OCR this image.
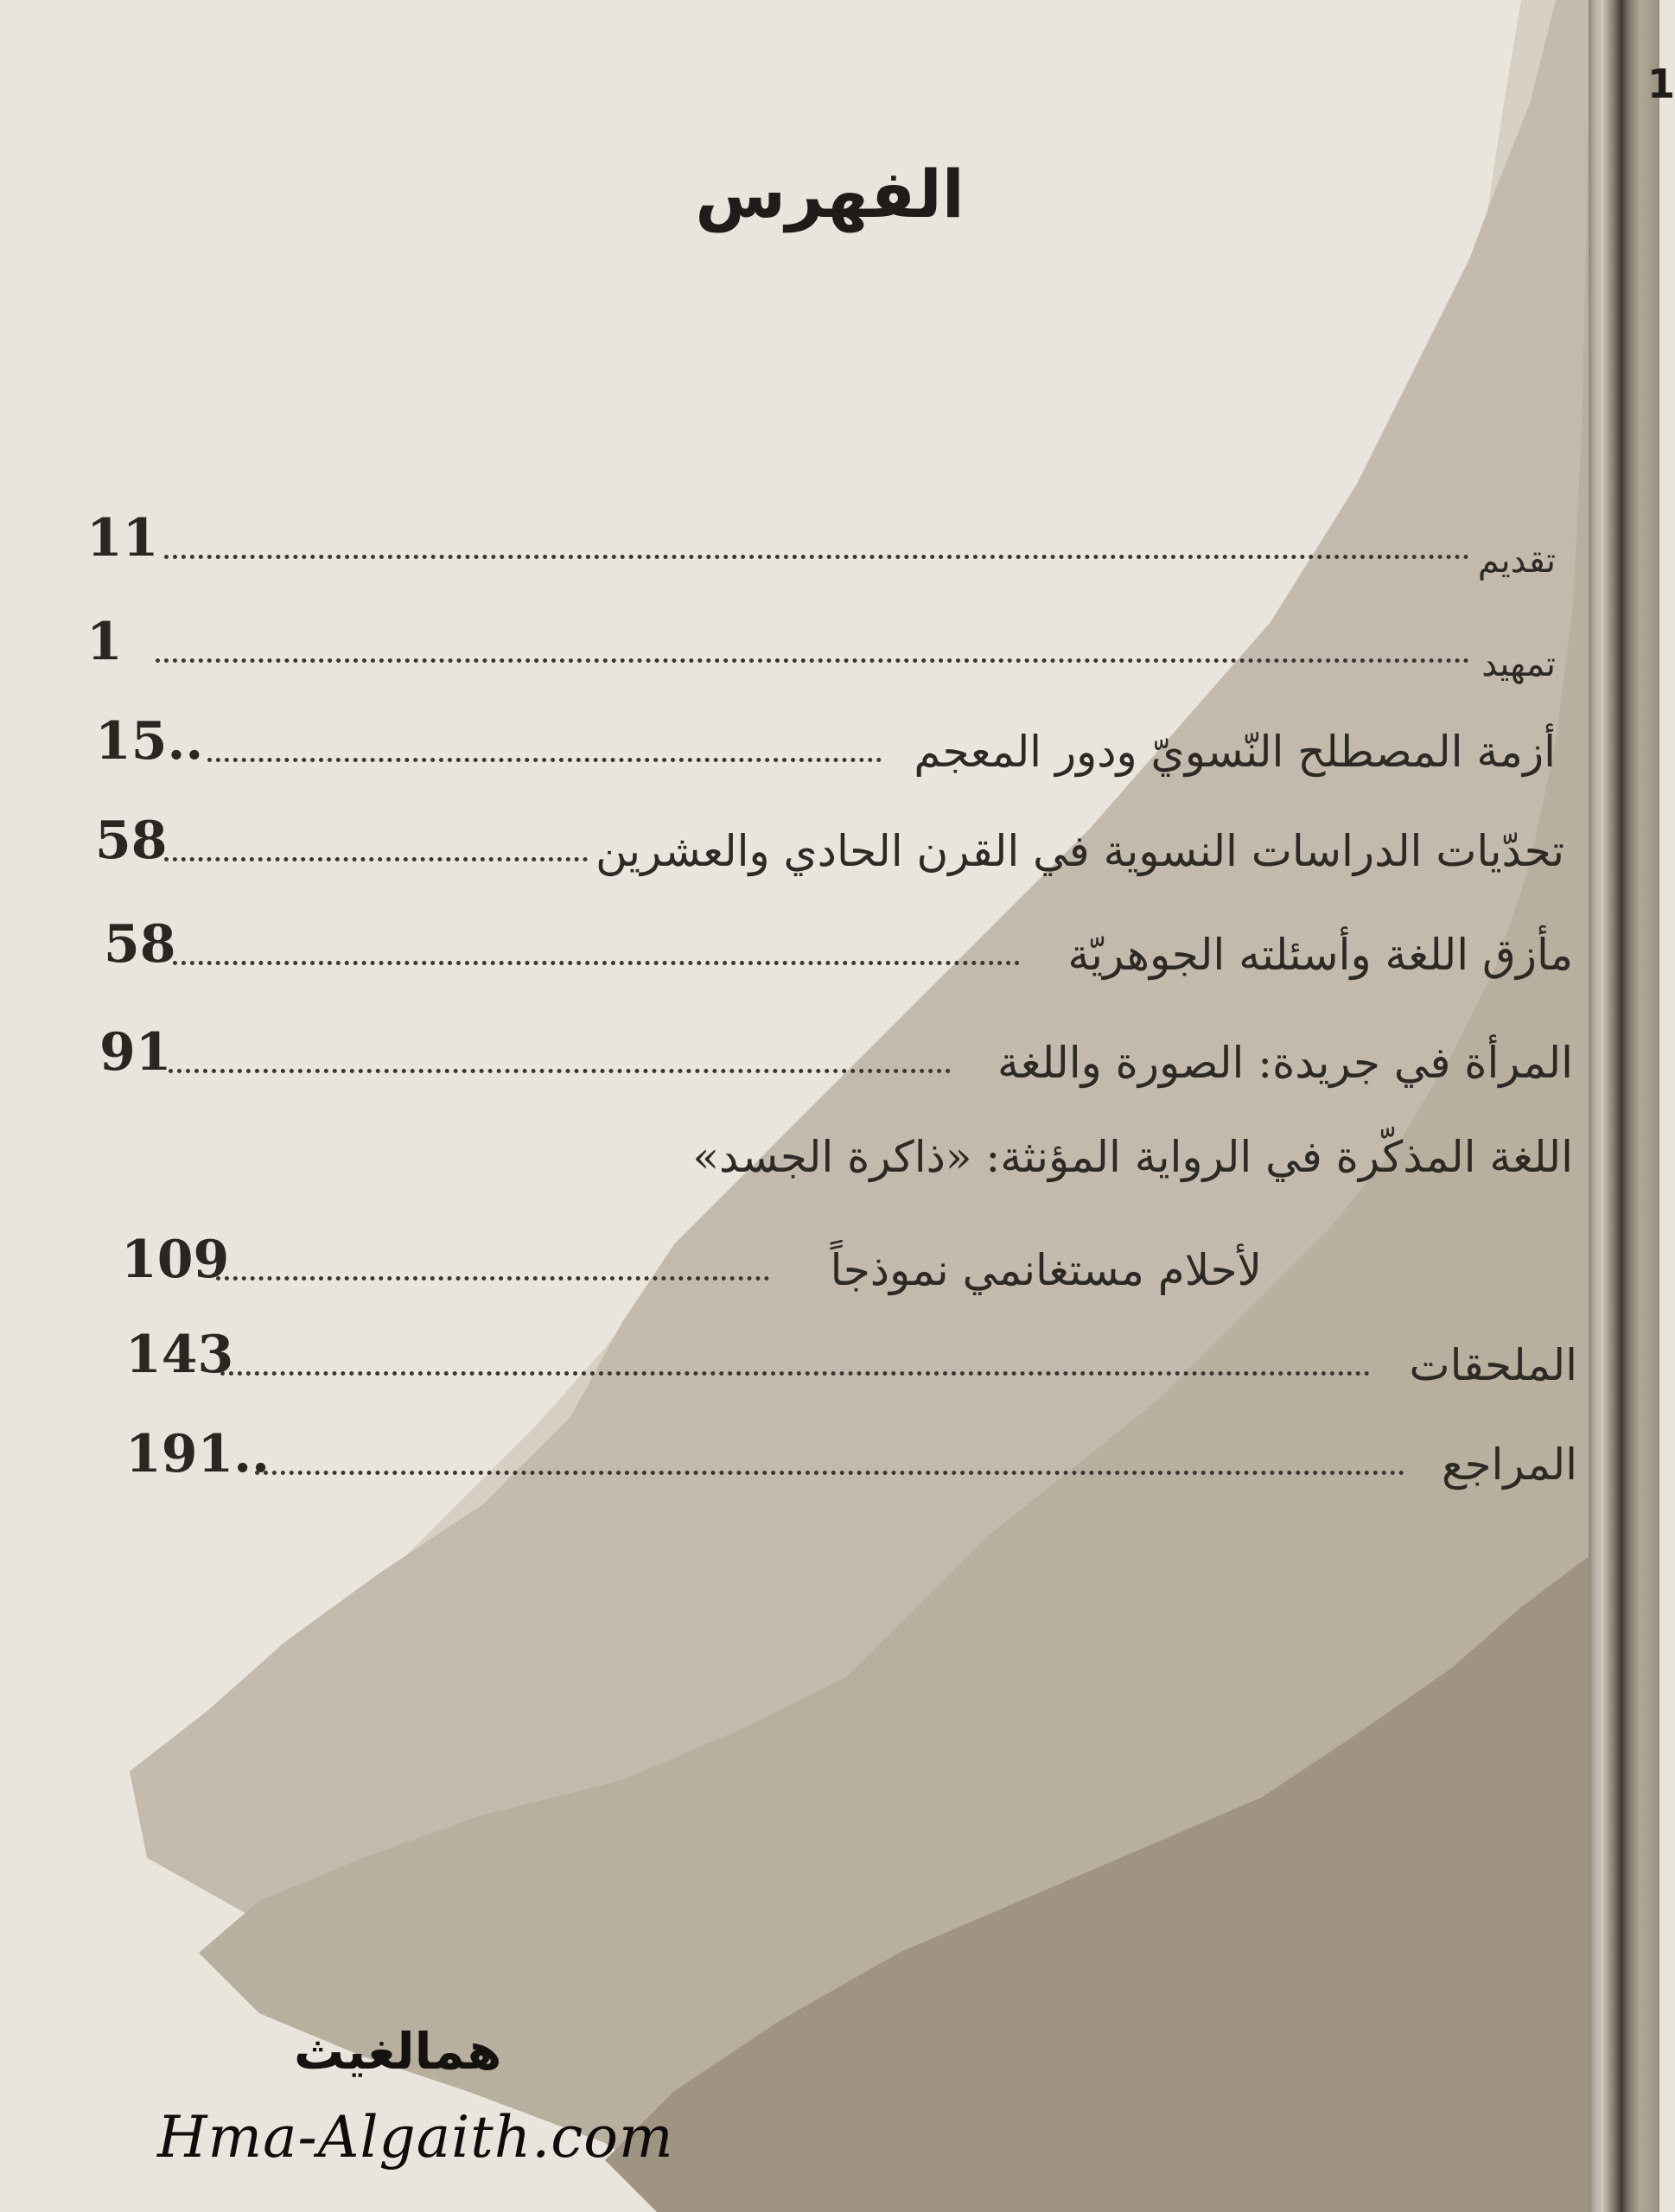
1
الفهرس
11	تقديم
1	تمهيد
15..	أزمة المصطلح النّسويّ ودور المعجم
58	تحدّيات الدراسات النسوية في القرن الحادي والعشرين
58	مأزق اللغة وأسئلته الجوهريّة
91	المرأة في جريدة: الصورة واللغة
اللغة المذكّرة في الرواية المؤنثة: «ذاكرة الجسد»
109	لأحلام مستغانمي نموذجاً
143	الملحقات
191..	المراجع
همالغيث
Hma-Algaith.com
